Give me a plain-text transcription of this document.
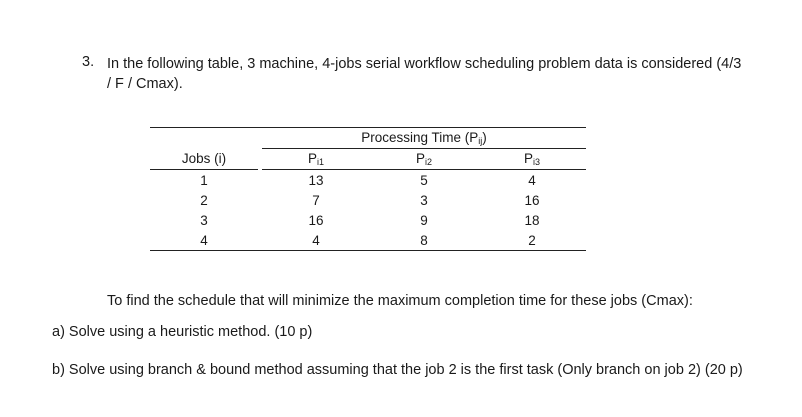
3. In the following table, 3 machine, 4-jobs serial workflow scheduling problem data is considered (4/3 / F / Cmax).
		Processing Time $(P_{ij})$		
Jobs (i)		$P_{i1}$	$P_{i2}$	$P_{i3}$
1		13	5	4
2		7	3	16
3		16	9	18
4		4	8	2
To find the schedule that will minimize the maximum completion time for these jobs (Cmax):
a) Solve using a heuristic method. (10 p)
b) Solve using branch & bound method assuming that the job 2 is the first task (Only branch on job 2) (20 p)
